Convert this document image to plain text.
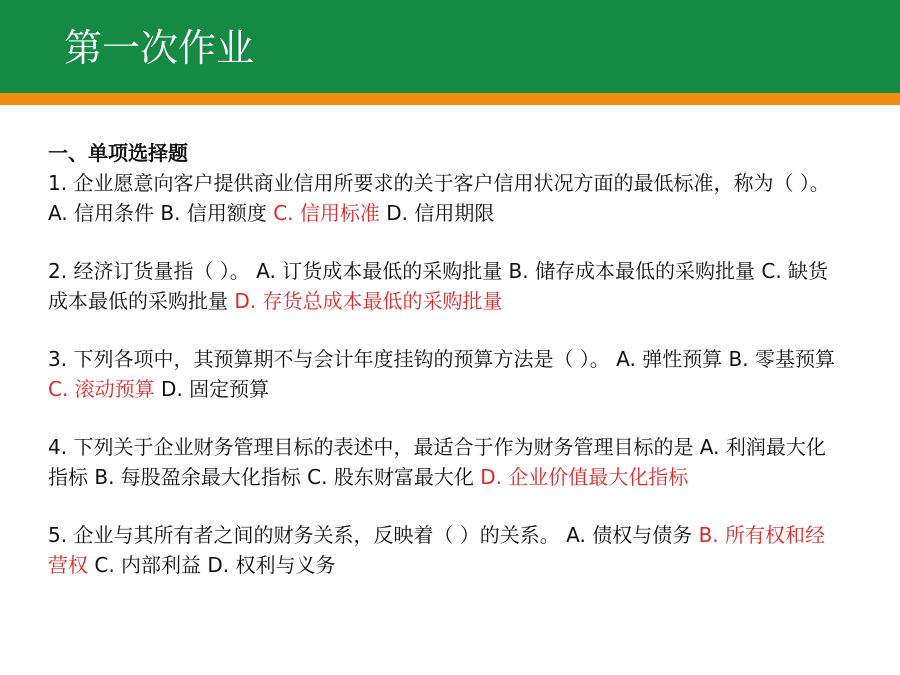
第一次作业

一、单项选择题

1. 企业愿意向客户提供商业信用所要求的关于客户信用状况方面的最低标准，称为（ ）。 A. 信用条件 B. 信用额度 C. 信用标准 D. 信用期限

2. 经济订货量指（ ）。 A. 订货成本最低的采购批量 B. 储存成本最低的采购批量 C. 缺货成本最低的采购批量 D. 存货总成本最低的采购批量

3. 下列各项中，其预算期不与会计年度挂钩的预算方法是（ ）。 A. 弹性预算 B. 零基预算 C. 滚动预算 D. 固定预算

4. 下列关于企业财务管理目标的表述中，最适合于作为财务管理目标的是 A. 利润最大化指标 B. 每股盈余最大化指标 C. 股东财富最大化 D. 企业价值最大化指标

5. 企业与其所有者之间的财务关系，反映着（ ）的关系。 A. 债权与债务 B. 所有权和经营权 C. 内部利益 D. 权利与义务
